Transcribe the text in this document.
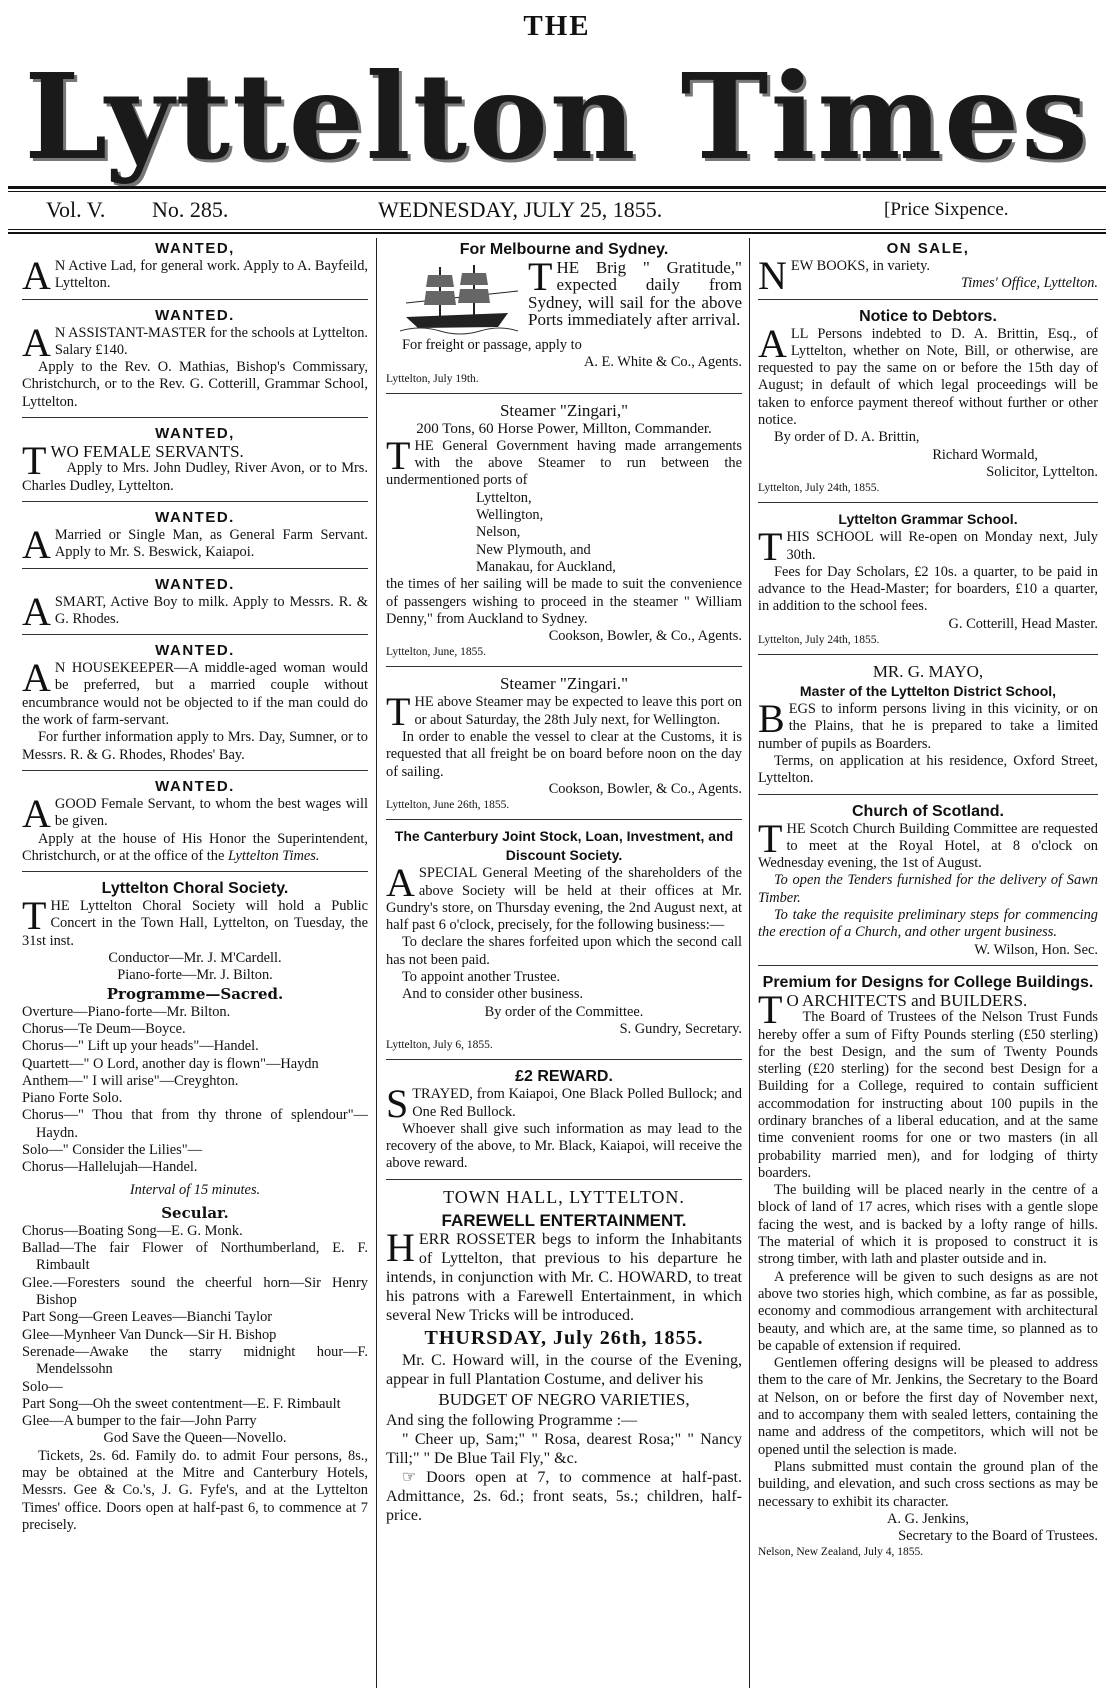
THE
Lyttelton Times
Vol. V. No. 285.	WEDNESDAY, JULY 25, 1855.	[Price Sixpence.
WANTED,

A N Active Lad, for general work. Apply to A. Bayfeild, Lyttelton.

WANTED.

A N ASSISTANT-MASTER for the schools at Lyttelton. Salary £140.

Apply to the Rev. O. Mathias, Bishop's Commissary, Christchurch, or to the Rev. G. Cotterill, Grammar School, Lyttelton.

WANTED,

TWO FEMALE SERVANTS.

Apply to Mrs. John Dudley, River Avon, or to Mrs. Charles Dudley, Lyttelton.

WANTED.

A Married or Single Man, as General Farm Servant. Apply to Mr. S. Beswick, Kaiapoi.

WANTED.

ASMART, Active Boy to milk. Apply to Messrs. R. & G. Rhodes.

WANTED.

A N HOUSEKEEPER—A middle-aged woman would be preferred, but a married couple without encumbrance would not be objected to if the man could do the work of farm-servant.

For further information apply to Mrs. Day, Sumner, or to Messrs. R. & G. Rhodes, Rhodes' Bay.

WANTED.

AGOOD Female Servant, to whom the best wages will be given.

Apply at the house of His Honor the Superintendent, Christchurch, or at the office of the Lyttelton Times.

Lyttelton Choral Society.

THE Lyttelton Choral Society will hold a Public Concert in the Town Hall, Lyttelton, on Tuesday, the 31st inst.

Conductor—Mr. J. M'Cardell.

Piano-forte—Mr. J. Bilton.

Programme—Sacred.

Overture—Piano-forte—Mr. Bilton.

Chorus—Te Deum—Boyce.

Chorus—" Lift up your heads"—Handel.

Quartett—" O Lord, another day is flown"—Haydn

Anthem—" I will arise"—Creyghton.

Piano Forte Solo.

Chorus—" Thou that from thy throne of splendour"—Haydn.

Solo—" Consider the Lilies"—

Chorus—Hallelujah—Handel.

Interval of 15 minutes.

Secular.

Chorus—Boating Song—E. G. Monk.

Ballad—The fair Flower of Northumberland, E. F. Rimbault

Glee.—Foresters sound the cheerful horn—Sir Henry Bishop

Part Song—Green Leaves—Bianchi Taylor

Glee—Mynheer Van Dunck—Sir H. Bishop

Serenade—Awake the starry midnight hour—F. Mendelssohn

Solo—

Part Song—Oh the sweet contentment—E. F. Rimbault

Glee—A bumper to the fair—John Parry

God Save the Queen—Novello.

Tickets, 2s. 6d. Family do. to admit Four persons, 8s., may be obtained at the Mitre and Canterbury Hotels, Messrs. Gee & Co.'s, J. G. Fyfe's, and at the Lyttelton Times' office. Doors open at half-past 6, to commence at 7 precisely.

For Melbourne and Sydney.

THE Brig " Gratitude," expected daily from Sydney, will sail for the above Ports immediately after arrival.

For freight or passage, apply to

A. E. White & Co., Agents.

Lyttelton, July 19th.

Steamer "Zingari,"

200 Tons, 60 Horse Power, Millton, Commander.

THE General Government having made arrangements with the above Steamer to run between the undermentioned ports of

Lyttelton,
Wellington,
Nelson,
New Plymouth, and
Manakau, for Auckland,

the times of her sailing will be made to suit the convenience of passengers wishing to proceed in the steamer " William Denny," from Auckland to Sydney.

Cookson, Bowler, & Co., Agents.

Lyttelton, June, 1855.

Steamer "Zingari."

THE above Steamer may be expected to leave this port on or about Saturday, the 28th July next, for Wellington.

In order to enable the vessel to clear at the Customs, it is requested that all freight be on board before noon on the day of sailing.

Cookson, Bowler, & Co., Agents.

Lyttelton, June 26th, 1855.

The Canterbury Joint Stock, Loan, Investment, and Discount Society.

ASPECIAL General Meeting of the shareholders of the above Society will be held at their offices at Mr. Gundry's store, on Thursday evening, the 2nd August next, at half past 6 o'clock, precisely, for the following business:—

To declare the shares forfeited upon which the second call has not been paid.

To appoint another Trustee.

And to consider other business.

By order of the Committee.

S. Gundry, Secretary.

Lyttelton, July 6, 1855.

£2 REWARD.

STRAYED, from Kaiapoi, One Black Polled Bullock; and One Red Bullock.

Whoever shall give such information as may lead to the recovery of the above, to Mr. Black, Kaiapoi, will receive the above reward.

TOWN HALL, LYTTELTON.
FAREWELL ENTERTAINMENT.

HERR ROSSETER begs to inform the Inhabitants of Lyttelton, that previous to his departure he intends, in conjunction with Mr. C. HOWARD, to treat his patrons with a Farewell Entertainment, in which several New Tricks will be introduced.

THURSDAY, July 26th, 1855.

Mr. C. Howard will, in the course of the Evening, appear in full Plantation Costume, and deliver his

BUDGET OF NEGRO VARIETIES,

And sing the following Programme :—

" Cheer up, Sam;" " Rosa, dearest Rosa;" " Nancy Till;" " De Blue Tail Fly," &c.

☞ Doors open at 7, to commence at half-past. Admittance, 2s. 6d.; front seats, 5s.; children, half-price.

ON SALE,

NEW BOOKS, in variety.

Times' Office, Lyttelton.

Notice to Debtors.

ALL Persons indebted to D. A. Brittin, Esq., of Lyttelton, whether on Note, Bill, or otherwise, are requested to pay the same on or before the 15th day of August; in default of which legal proceedings will be taken to enforce payment thereof without further or other notice.

By order of D. A. Brittin,

Richard Wormald,

Solicitor, Lyttelton.

Lyttelton, July 24th, 1855.

Lyttelton Grammar School.

THIS SCHOOL will Re-open on Monday next, July 30th.

Fees for Day Scholars, £2 10s. a quarter, to be paid in advance to the Head-Master; for boarders, £10 a quarter, in addition to the school fees.

G. Cotterill, Head Master.

Lyttelton, July 24th, 1855.

MR. G. MAYO,
Master of the Lyttelton District School,

BEGS to inform persons living in this vicinity, or on the Plains, that he is prepared to take a limited number of pupils as Boarders.

Terms, on application at his residence, Oxford Street, Lyttelton.

Church of Scotland.

THE Scotch Church Building Committee are requested to meet at the Royal Hotel, at 8 o'clock on Wednesday evening, the 1st of August.

To open the Tenders furnished for the delivery of Sawn Timber.

To take the requisite preliminary steps for commencing the erection of a Church, and other urgent business.

W. Wilson, Hon. Sec.

Premium for Designs for College Buildings.

T O ARCHITECTS and BUILDERS.

The Board of Trustees of the Nelson Trust Funds hereby offer a sum of Fifty Pounds sterling (£50 sterling) for the best Design, and the sum of Twenty Pounds sterling (£20 sterling) for the second best Design for a Building for a College, required to contain sufficient accommodation for instructing about 100 pupils in the ordinary branches of a liberal education, and at the same time convenient rooms for one or two masters (in all probability married men), and for lodging of thirty boarders.

The building will be placed nearly in the centre of a block of land of 17 acres, which rises with a gentle slope facing the west, and is backed by a lofty range of hills. The material of which it is proposed to construct it is strong timber, with lath and plaster outside and in.

A preference will be given to such designs as are not above two stories high, which combine, as far as possible, economy and commodious arrangement with architectural beauty, and which are, at the same time, so planned as to be capable of extension if required.

Gentlemen offering designs will be pleased to address them to the care of Mr. Jenkins, the Secretary to the Board at Nelson, on or before the first day of November next, and to accompany them with sealed letters, containing the name and address of the competitors, which will not be opened until the selection is made.

Plans submitted must contain the ground plan of the building, and elevation, and such cross sections as may be necessary to exhibit its character.

A. G. Jenkins,

Secretary to the Board of Trustees.

Nelson, New Zealand, July 4, 1855.
